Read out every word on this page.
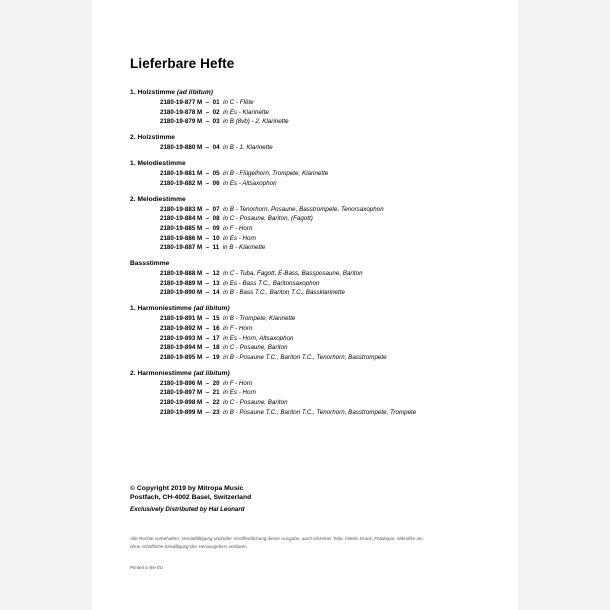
Lieferbare Hefte
1. Holzstimme (ad libitum)
2180-19-877 M – 01 in C - Flöte
2180-19-878 M – 02 in Es - Klarinette
2180-19-879 M – 03 in B (8vb) - 2. Klarinette
2. Holzstimme
2180-19-880 M – 04 in B - 1. Klarinette
1. Melodiestimme
2180-19-881 M – 05 in B - Flügelhorn, Trompete, Klarinette
2180-19-882 M – 06 in Es - Altsaxophon
2. Melodiestimme
2180-19-883 M – 07 in B - Tenorhorn, Posaune, Basstrompete, Tenorsaxophon
2180-19-884 M – 08 in C - Posaune, Bariton, (Fagott)
2180-19-885 M – 09 in F - Horn
2180-19-886 M – 10 in Es - Horn
2180-19-887 M – 11 in B - Klarinette
Bassstimme
2180-19-888 M – 12 in C - Tuba, Fagott, E-Bass, Bassposaune, Bariton
2180-19-889 M – 13 in Es - Bass T.C., Baritonsaxophon
2180-19-890 M – 14 in B - Bass T.C., Bariton T.C., Bassklarinette
1. Harmoniestimme (ad libitum)
2180-19-891 M – 15 in B - Trompete, Klarinette
2180-19-892 M – 16 in F - Horn
2180-19-893 M – 17 in Es - Horn, Altsaxophon
2180-19-894 M – 18 in C - Posaune, Bariton
2180-19-895 M – 19 in B - Posaune T.C., Bariton T.C., Tenorhorn, Basstrompete
2. Harmoniestimme (ad libitum)
2180-19-896 M – 20 in F - Horn
2180-19-897 M – 21 in Es - Horn
2180-19-898 M – 22 in C - Posaune, Bariton
2180-19-899 M – 23 in B - Posaune T.C., Bariton T.C., Tenorhorn, Basstrompete, Trompete
© Copyright 2019 by Mitropa Music
Postfach, CH-4002 Basel, Switzerland
Exclusively Distributed by Hal Leonard
Alle Rechte vorbehalten, Vervielfältigung und/oder Veröffentlichung dieser Ausgabe, auch einzelner Teile, mittels Druck, Fotokopie, Mikrofilm etc. ohne schriftliche Einwilligung des Herausgebers verboten
Printed in the EU
